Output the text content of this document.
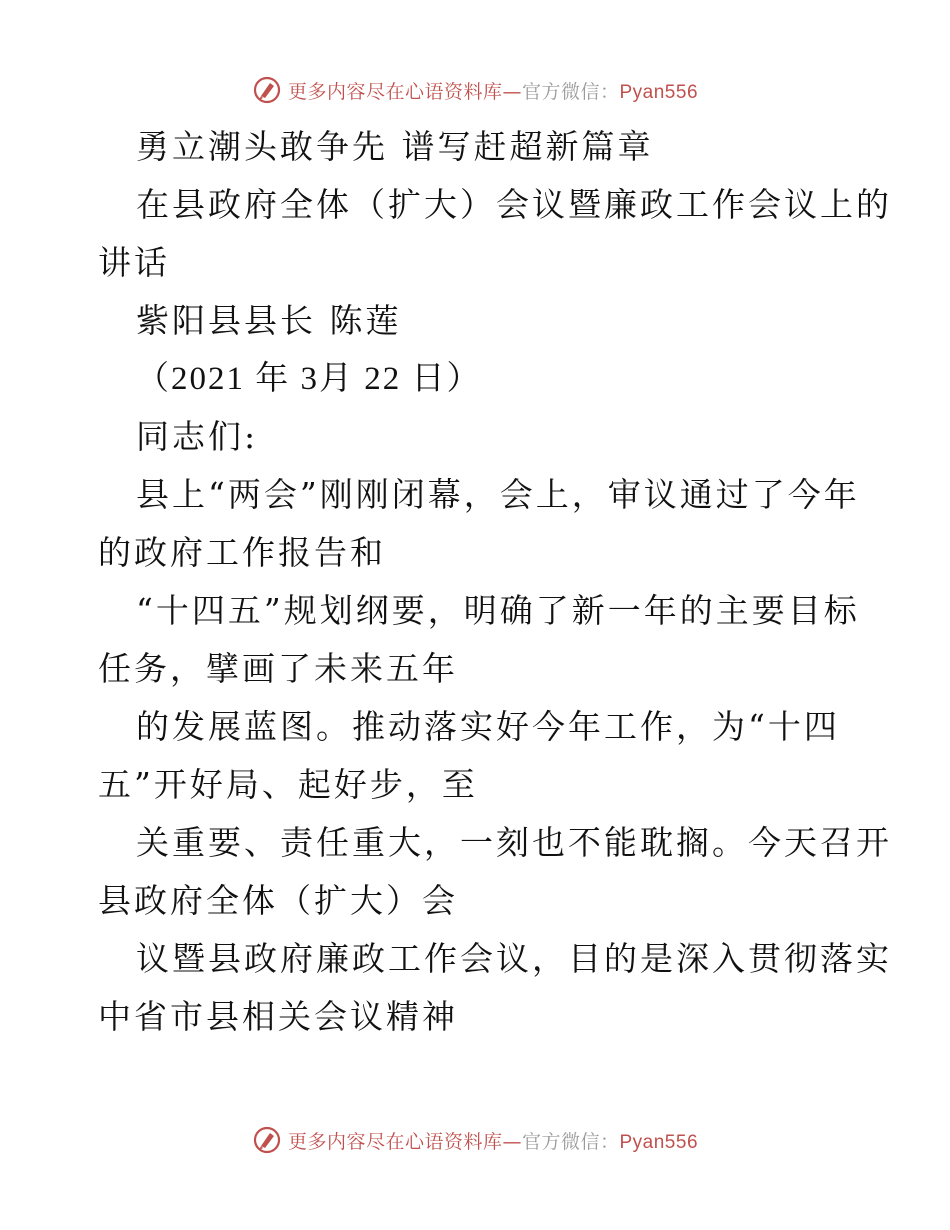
更多内容尽在心语资料库—官方微信：Pyan556
勇立潮头敢争先 谱写赶超新篇章
在县政府全体（扩大）会议暨廉政工作会议上的
讲话
紫阳县县长 陈莲
（2021 年 3月 22 日）
同志们:
县上“两会”刚刚闭幕，会上，审议通过了今年
的政府工作报告和
“十四五”规划纲要，明确了新一年的主要目标
任务，擘画了未来五年
的发展蓝图。推动落实好今年工作，为“十四
五”开好局、起好步，至
关重要、责任重大，一刻也不能耽搁。今天召开
县政府全体（扩大）会
议暨县政府廉政工作会议，目的是深入贯彻落实
中省市县相关会议精神
更多内容尽在心语资料库—官方微信：Pyan556
